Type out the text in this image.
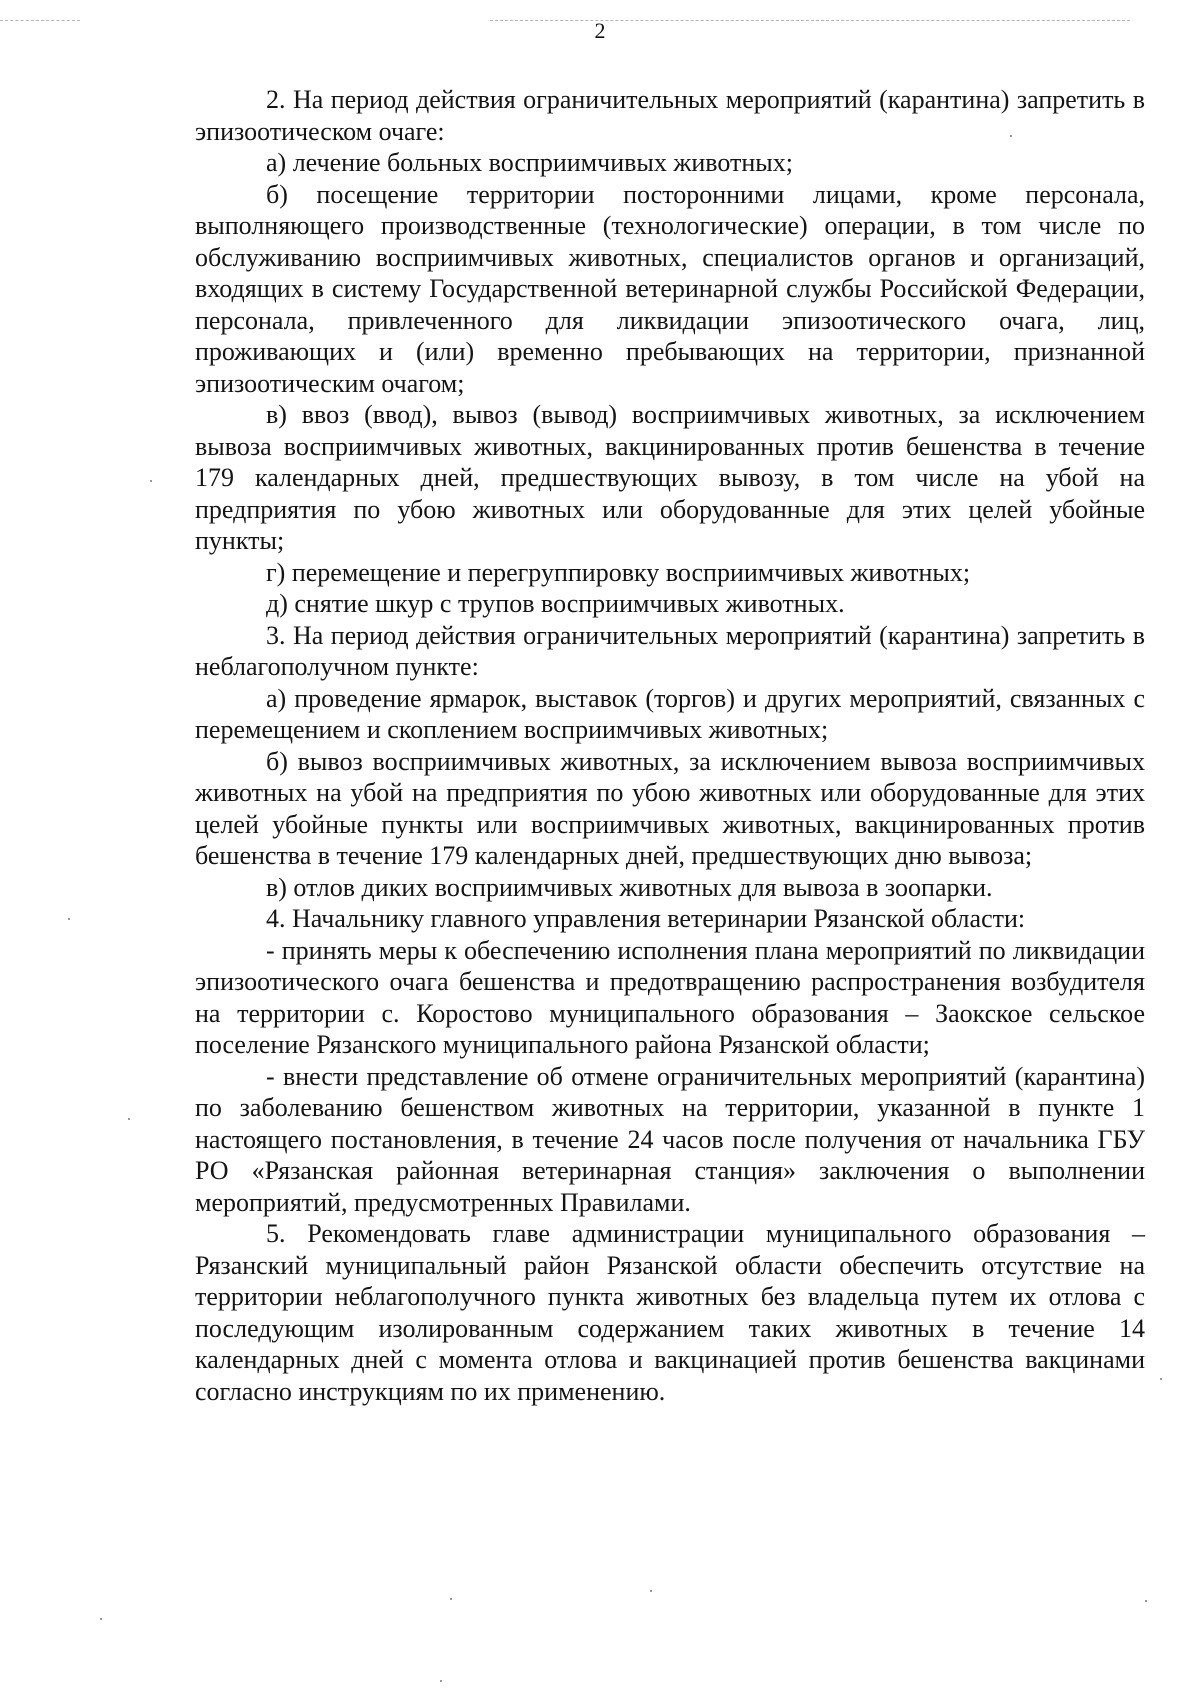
2

2. На период действия ограничительных мероприятий (карантина) запретить в эпизоотическом очаге:

а) лечение больных восприимчивых животных;

б) посещение территории посторонними лицами, кроме персонала, выполняющего производственные (технологические) операции, в том числе по обслуживанию восприимчивых животных, специалистов органов и организаций, входящих в систему Государственной ветеринарной службы Российской Федерации, персонала, привлеченного для ликвидации эпизоотического очага, лиц, проживающих и (или) временно пребывающих на территории, признанной эпизоотическим очагом;

в) ввоз (ввод), вывоз (вывод) восприимчивых животных, за исключением вывоза восприимчивых животных, вакцинированных против бешенства в течение 179 календарных дней, предшествующих вывозу, в том числе на убой на предприятия по убою животных или оборудованные для этих целей убойные пункты;

г) перемещение и перегруппировку восприимчивых животных;

д) снятие шкур с трупов восприимчивых животных.

3. На период действия ограничительных мероприятий (карантина) запретить в неблагополучном пункте:

а) проведение ярмарок, выставок (торгов) и других мероприятий, связанных с перемещением и скоплением восприимчивых животных;

б) вывоз восприимчивых животных, за исключением вывоза восприимчивых животных на убой на предприятия по убою животных или оборудованные для этих целей убойные пункты или восприимчивых животных, вакцинированных против бешенства в течение 179 календарных дней, предшествующих дню вывоза;

в) отлов диких восприимчивых животных для вывоза в зоопарки.

4. Начальнику главного управления ветеринарии Рязанской области:

- принять меры к обеспечению исполнения плана мероприятий по ликвидации эпизоотического очага бешенства и предотвращению распространения возбудителя на территории с. Коростово муниципального образования – Заокское сельское поселение Рязанского муниципального района Рязанской области;

- внести представление об отмене ограничительных мероприятий (карантина) по заболеванию бешенством животных на территории, указанной в пункте 1 настоящего постановления, в течение 24 часов после получения от начальника ГБУ РО «Рязанская районная ветеринарная станция» заключения о выполнении мероприятий, предусмотренных Правилами.

5. Рекомендовать главе администрации муниципального образования – Рязанский муниципальный район Рязанской области обеспечить отсутствие на территории неблагополучного пункта животных без владельца путем их отлова с последующим изолированным содержанием таких животных в течение 14 календарных дней с момента отлова и вакцинацией против бешенства вакцинами согласно инструкциям по их применению.
